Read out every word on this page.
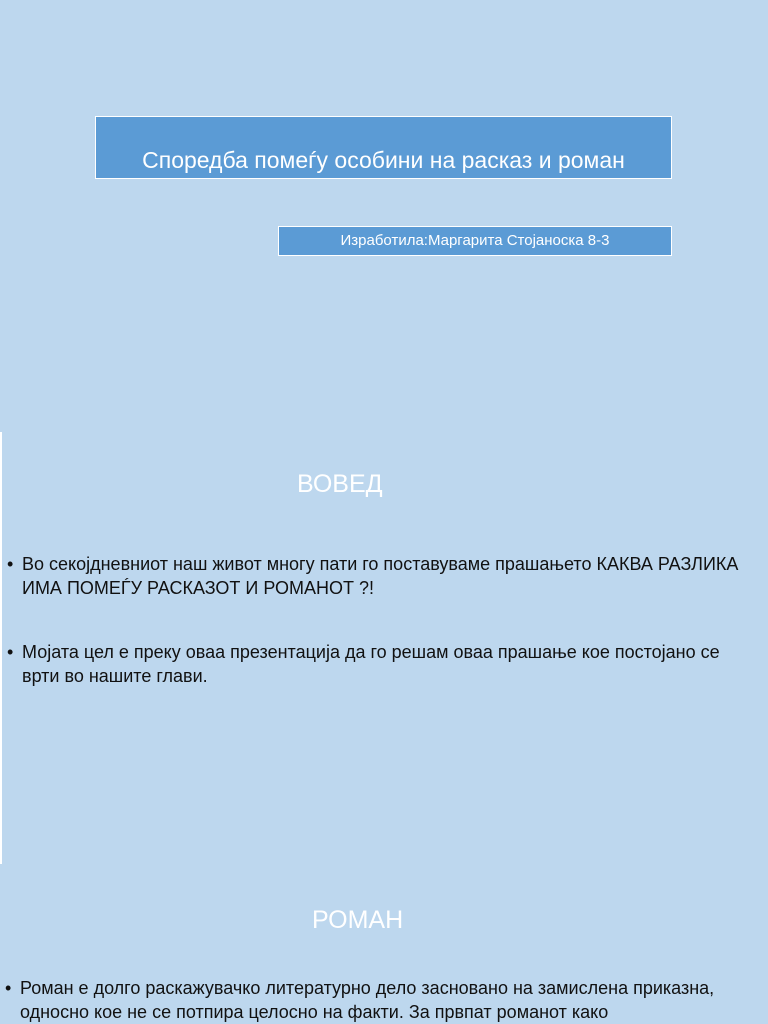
Споредба помеѓу особини на расказ и роман
Изработила:Маргарита Стојаноска 8-3
ВОВЕД
• Во секојдневниот наш живот многу пати го поставуваме прашањето КАКВА РАЗЛИКА ИМА ПОМЕЃУ РАСКАЗОТ И РОМАНОТ ?!
• Мојата цел е преку оваа презентација да го решам оваа прашање кое постојано се врти во нашите глави.
РОМАН
• Роман е долго раскажувачко литературно дело засновано на замислена приказна, односно кое не се потпира целосно на факти. За првпат романот како
